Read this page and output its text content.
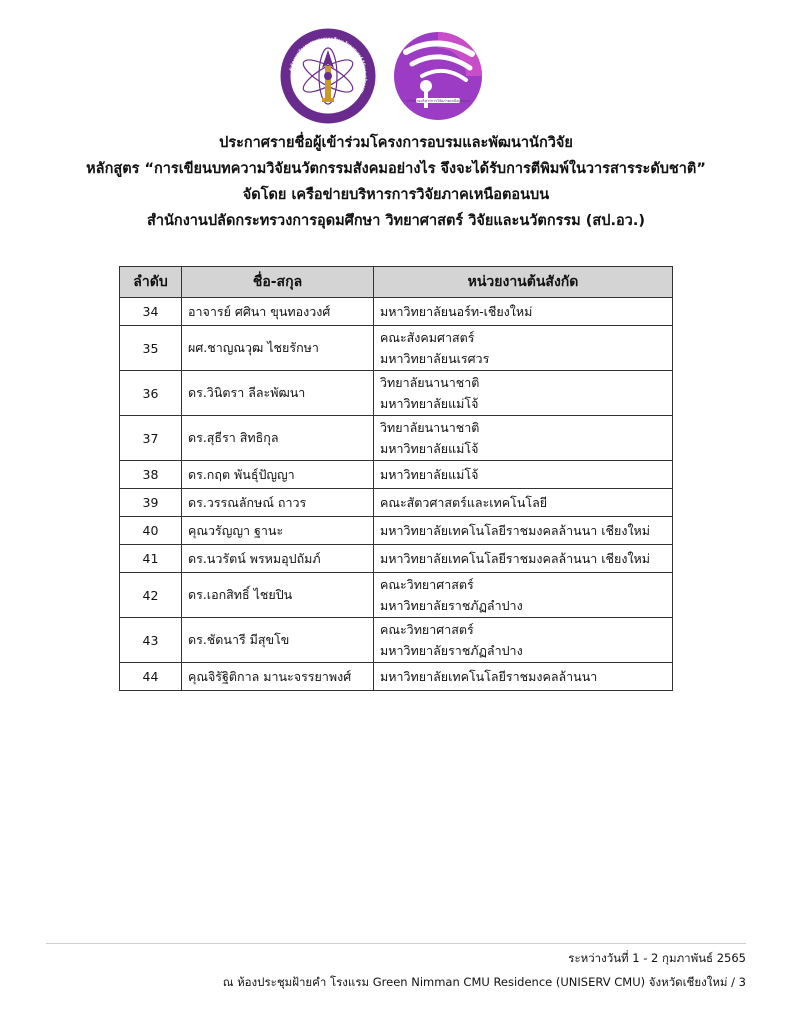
สำนักงานปลัดกระทรวงการอุดมศึกษา วิทยาศาสตร์ วิจัยและนวัตกรรม
เครือข่ายบริหารการวิจัยภาคเหนือตอนบน
ประกาศรายชื่อผู้เข้าร่วมโครงการอบรมและพัฒนานักวิจัย
หลักสูตร “การเขียนบทความวิจัยนวัตกรรมสังคมอย่างไร จึงจะได้รับการตีพิมพ์ในวารสารระดับชาติ”
จัดโดย เครือข่ายบริหารการวิจัยภาคเหนือตอนบน
สำนักงานปลัดกระทรวงการอุดมศึกษา วิทยาศาสตร์ วิจัยและนวัตกรรม (สป.อว.)
ลำดับ	ชื่อ-สกุล	หน่วยงานต้นสังกัด
34	อาจารย์ ศศินา ขุนทองวงศ์	มหาวิทยาลัยนอร์ท-เชียงใหม่

35	ผศ.ชาญณวุฒ ไชยรักษา	คณะสังคมศาสตร์
มหาวิทยาลัยนเรศวร

36	ดร.วินิตรา ลีละพัฒนา	วิทยาลัยนานาชาติ
มหาวิทยาลัยแม่โจ้

37	ดร.สุธีรา สิทธิกุล	วิทยาลัยนานาชาติ
มหาวิทยาลัยแม่โจ้

38	ดร.กฤต พันธุ์ปัญญา	มหาวิทยาลัยแม่โจ้

39	ดร.วรรณลักษณ์ ถาวร	คณะสัตวศาสตร์และเทคโนโลยี

40	คุณวรัญญา ฐานะ	มหาวิทยาลัยเทคโนโลยีราชมงคลล้านนา เชียงใหม่

41	ดร.นวรัตน์ พรหมอุปถัมภ์	มหาวิทยาลัยเทคโนโลยีราชมงคลล้านนา เชียงใหม่

42	ดร.เอกสิทธิ์ ไชยปิน	คณะวิทยาศาสตร์
มหาวิทยาลัยราชภัฏลำปาง

43	ดร.ชัดนารี มีสุขโข	คณะวิทยาศาสตร์
มหาวิทยาลัยราชภัฏลำปาง

44	คุณจิรัฐิติกาล มานะจรรยาพงศ์	มหาวิทยาลัยเทคโนโลยีราชมงคลล้านนา
ระหว่างวันที่ 1 - 2 กุมภาพันธ์ 2565
ณ ห้องประชุมฝ้ายคำ โรงแรม Green Nimman CMU Residence (UNISERV CMU) จังหวัดเชียงใหม่ / 3
